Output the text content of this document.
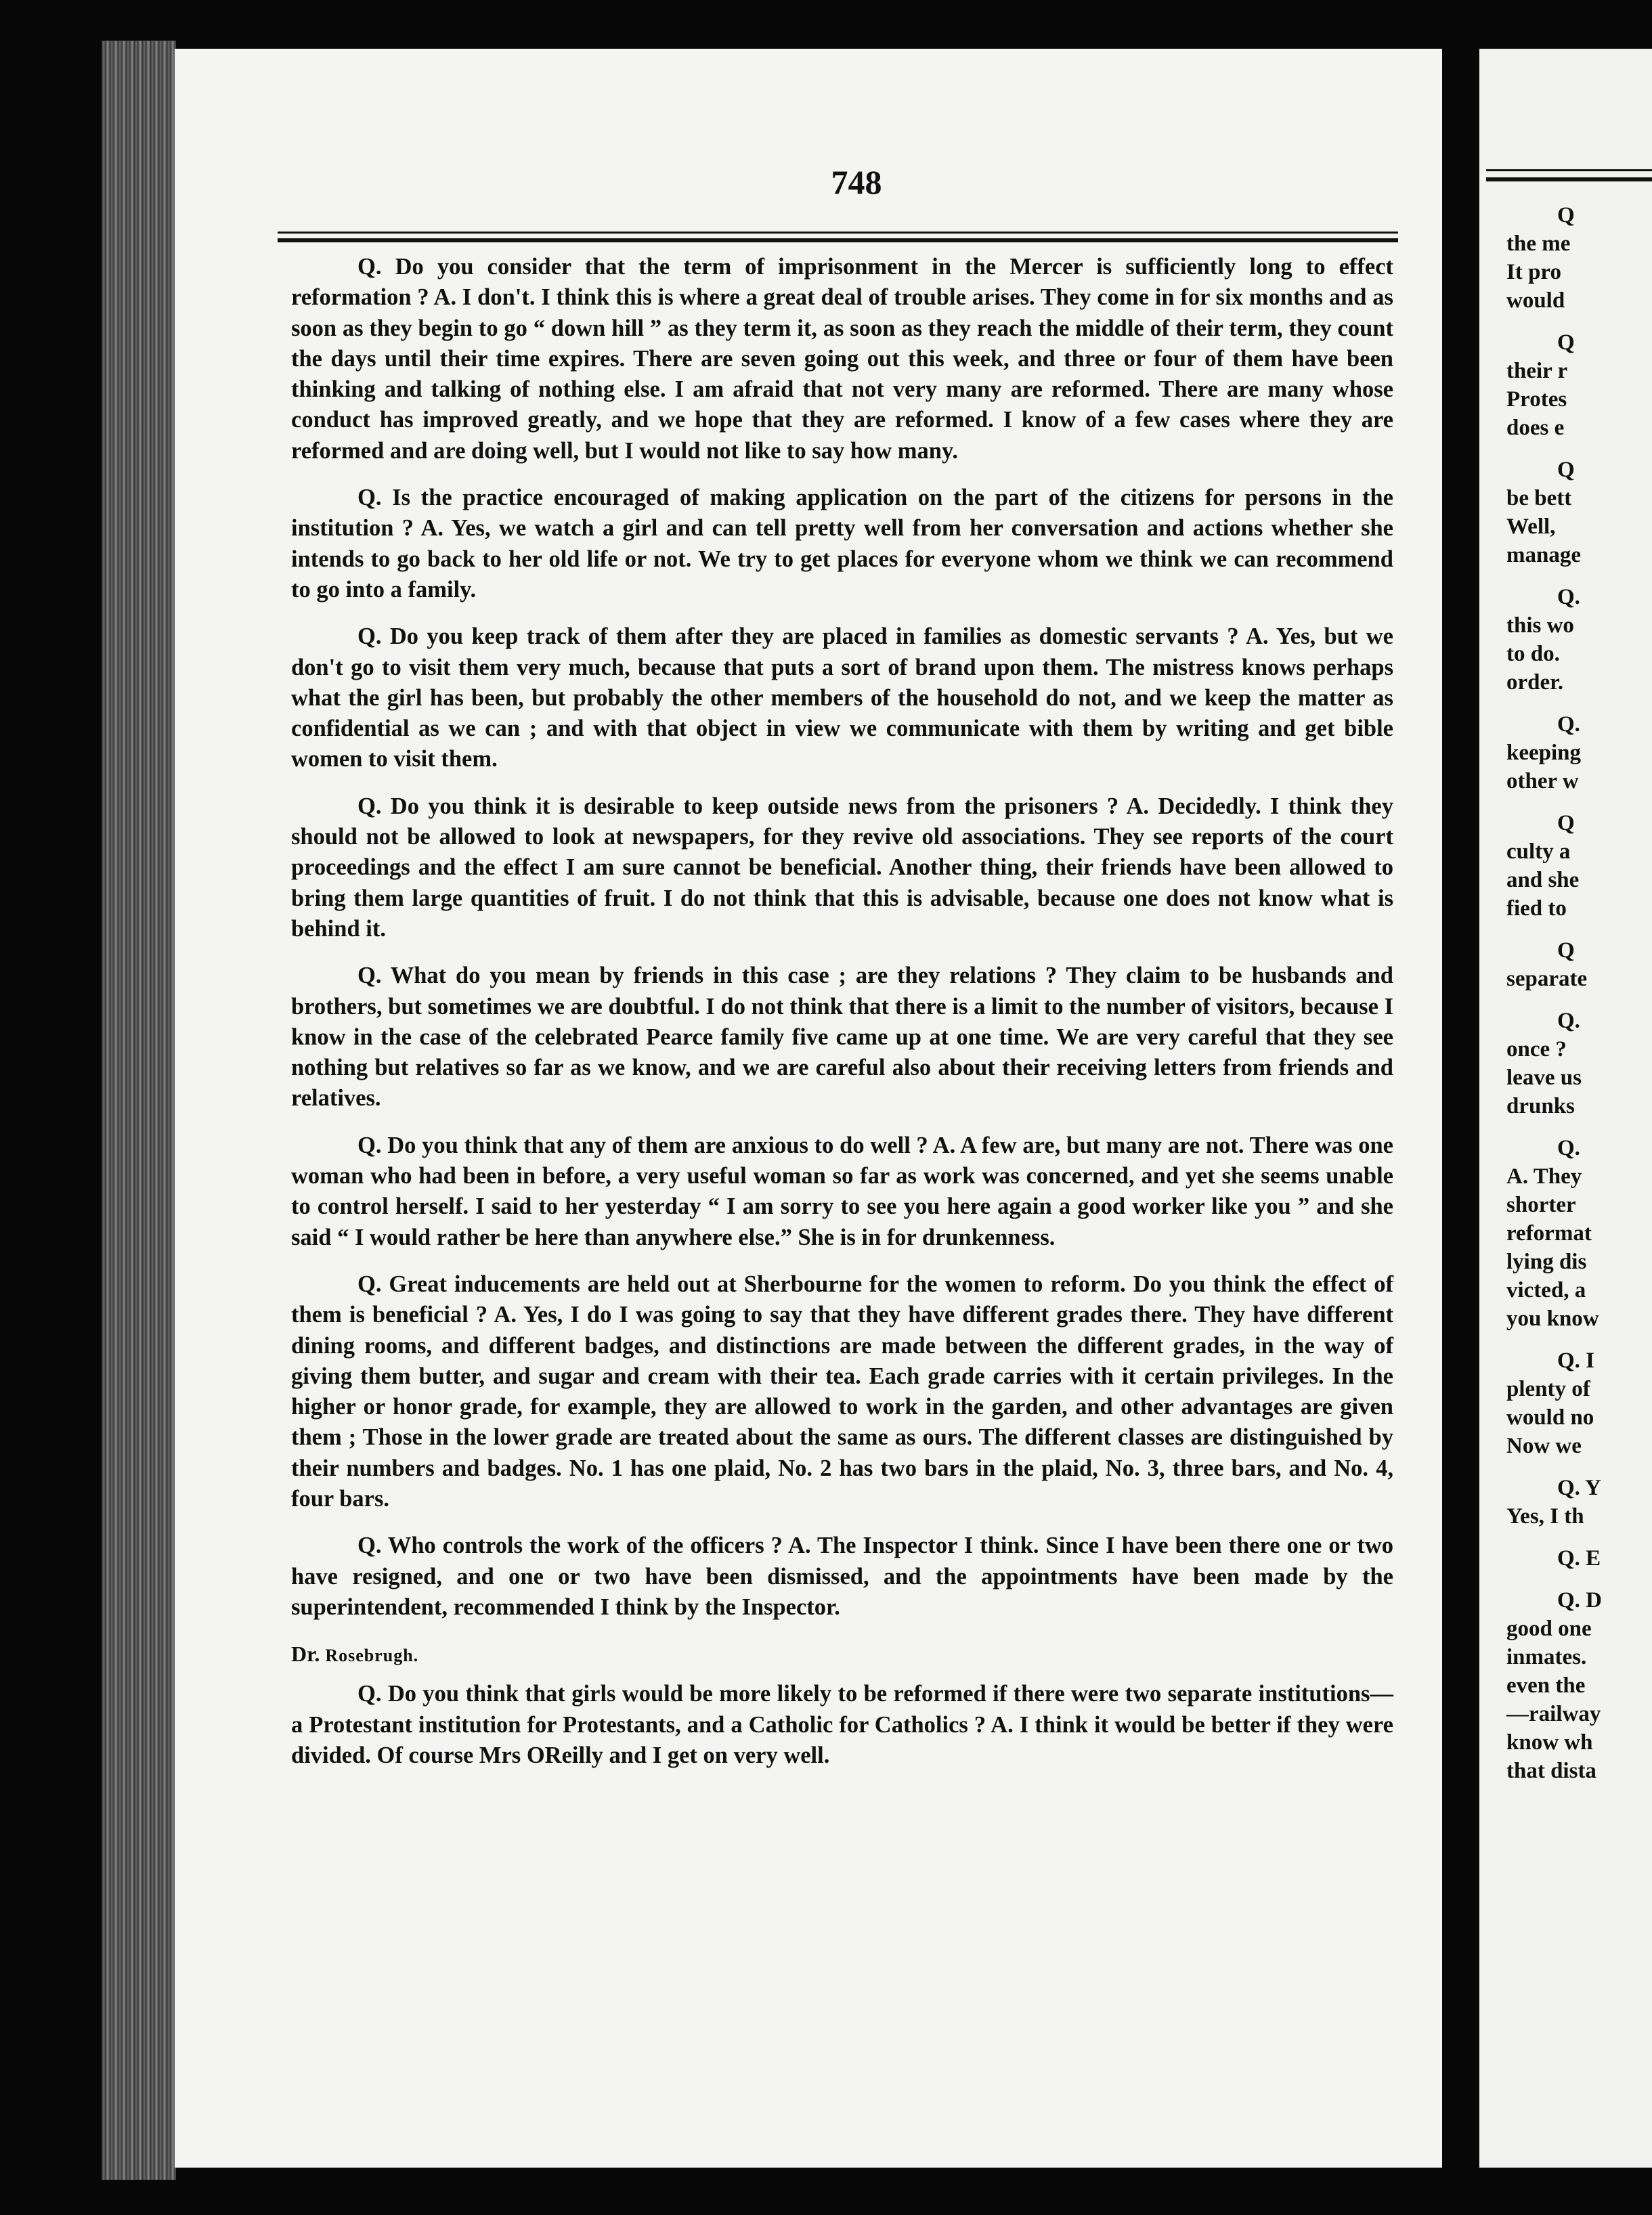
748

Q. Do you consider that the term of imprisonment in the Mercer is sufficiently long to effect reformation ? A. I don't. I think this is where a great deal of trouble arises. They come in for six months and as soon as they begin to go “ down hill ” as they term it, as soon as they reach the middle of their term, they count the days until their time expires. There are seven going out this week, and three or four of them have been thinking and talking of nothing else. I am afraid that not very many are reformed. There are many whose conduct has improved greatly, and we hope that they are reformed. I know of a few cases where they are reformed and are doing well, but I would not like to say how many.

Q. Is the practice encouraged of making application on the part of the citizens for persons in the institution ? A. Yes, we watch a girl and can tell pretty well from her conversation and actions whether she intends to go back to her old life or not. We try to get places for everyone whom we think we can recommend to go into a family.

Q. Do you keep track of them after they are placed in families as domestic servants ? A. Yes, but we don't go to visit them very much, because that puts a sort of brand upon them. The mistress knows perhaps what the girl has been, but probably the other members of the household do not, and we keep the matter as confidential as we can ; and with that object in view we communicate with them by writing and get bible women to visit them.

Q. Do you think it is desirable to keep outside news from the prisoners ? A. Decidedly. I think they should not be allowed to look at newspapers, for they revive old associations. They see reports of the court proceedings and the effect I am sure cannot be beneficial. Another thing, their friends have been allowed to bring them large quantities of fruit. I do not think that this is advisable, because one does not know what is behind it.

Q. What do you mean by friends in this case ; are they relations ? They claim to be husbands and brothers, but sometimes we are doubtful. I do not think that there is a limit to the number of visitors, because I know in the case of the celebrated Pearce family five came up at one time. We are very careful that they see nothing but relatives so far as we know, and we are careful also about their receiving letters from friends and relatives.

Q. Do you think that any of them are anxious to do well ? A. A few are, but many are not. There was one woman who had been in before, a very useful woman so far as work was concerned, and yet she seems unable to control herself. I said to her yesterday “ I am sorry to see you here again a good worker like you ” and she said “ I would rather be here than anywhere else.” She is in for drunkenness.

Q. Great inducements are held out at Sherbourne for the women to reform. Do you think the effect of them is beneficial ? A. Yes, I do I was going to say that they have different grades there. They have different dining rooms, and different badges, and distinctions are made between the different grades, in the way of giving them butter, and sugar and cream with their tea. Each grade carries with it certain privileges. In the higher or honor grade, for example, they are allowed to work in the garden, and other advantages are given them ; Those in the lower grade are treated about the same as ours. The different classes are distinguished by their numbers and badges. No. 1 has one plaid, No. 2 has two bars in the plaid, No. 3, three bars, and No. 4, four bars.

Q. Who controls the work of the officers ? A. The Inspector I think. Since I have been there one or two have resigned, and one or two have been dismissed, and the appointments have been made by the superintendent, recommended I think by the Inspector.

Dr. Rosebrugh.

Q. Do you think that girls would be more likely to be reformed if there were two separate institutions—a Protestant institution for Protestants, and a Catholic for Catholics ? A. I think it would be better if they were divided. Of course Mrs OReilly and I get on very well.

Q
the me
It pro
would
Q
their r
Protes
does e
Q
be bett
Well,
manage
Q.
this wo
to do.
order.
Q.
keeping
other w
Q
culty a
and she
fied to
Q
separate
Q.
once ?
leave us
drunks
Q.
A. They
shorter
reformat
lying dis
victed, a
you know
Q. I
plenty of
would no
Now we
Q. Y
Yes, I th
Q. E
Q. D
good one
inmates.
even the
—railway
know wh
that dista
